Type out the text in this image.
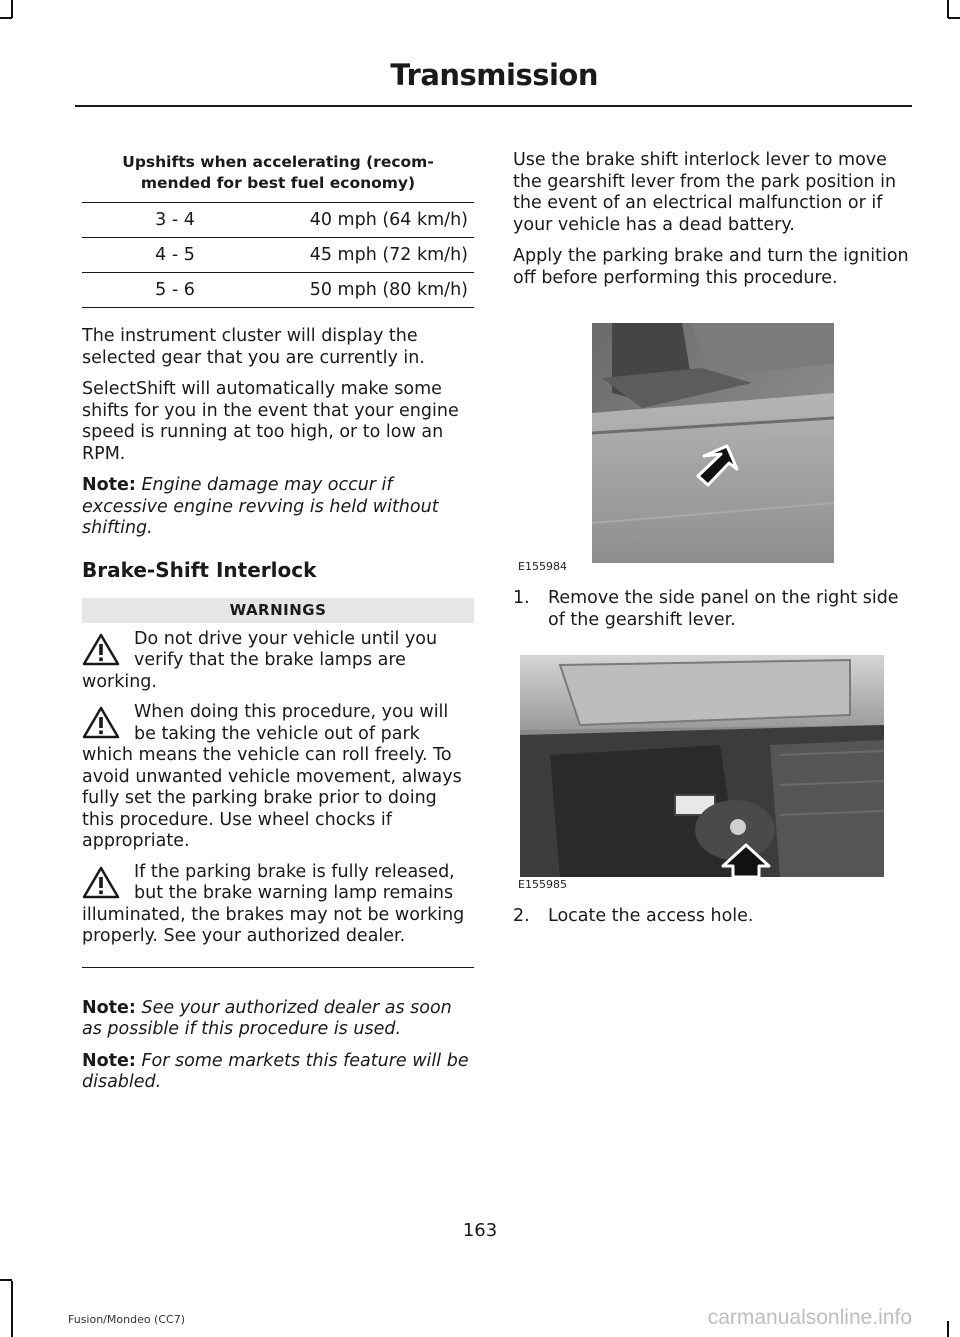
Transmission
Upshifts when accelerating (recom-mended for best fuel economy)	
3 - 4	40 mph (64 km/h)
4 - 5	45 mph (72 km/h)
5 - 6	50 mph (80 km/h)

The instrument cluster will display the selected gear that you are currently in.

SelectShift will automatically make some shifts for you in the event that your engine speed is running at too high, or to low an RPM.

Note: Engine damage may occur if excessive engine revving is held without shifting.

Brake-Shift Interlock
WARNINGS
Do not drive your vehicle until you verify that the brake lamps are working.
When doing this procedure, you will be taking the vehicle out of park which means the vehicle can roll freely. To avoid unwanted vehicle movement, always fully set the parking brake prior to doing this procedure. Use wheel chocks if appropriate.
If the parking brake is fully released, but the brake warning lamp remains illuminated, the brakes may not be working properly. See your authorized dealer.

Note: See your authorized dealer as soon as possible if this procedure is used.

Note: For some markets this feature will be disabled.

Use the brake shift interlock lever to move the gearshift lever from the park position in the event of an electrical malfunction or if your vehicle has a dead battery.

Apply the parking brake and turn the ignition off before performing this procedure.

E155984
1.	Remove the side panel on the right side of the gearshift lever.
E155985
2.	Locate the access hole.
163
Fusion/Mondeo (CC7)	carmanualsonline.info
